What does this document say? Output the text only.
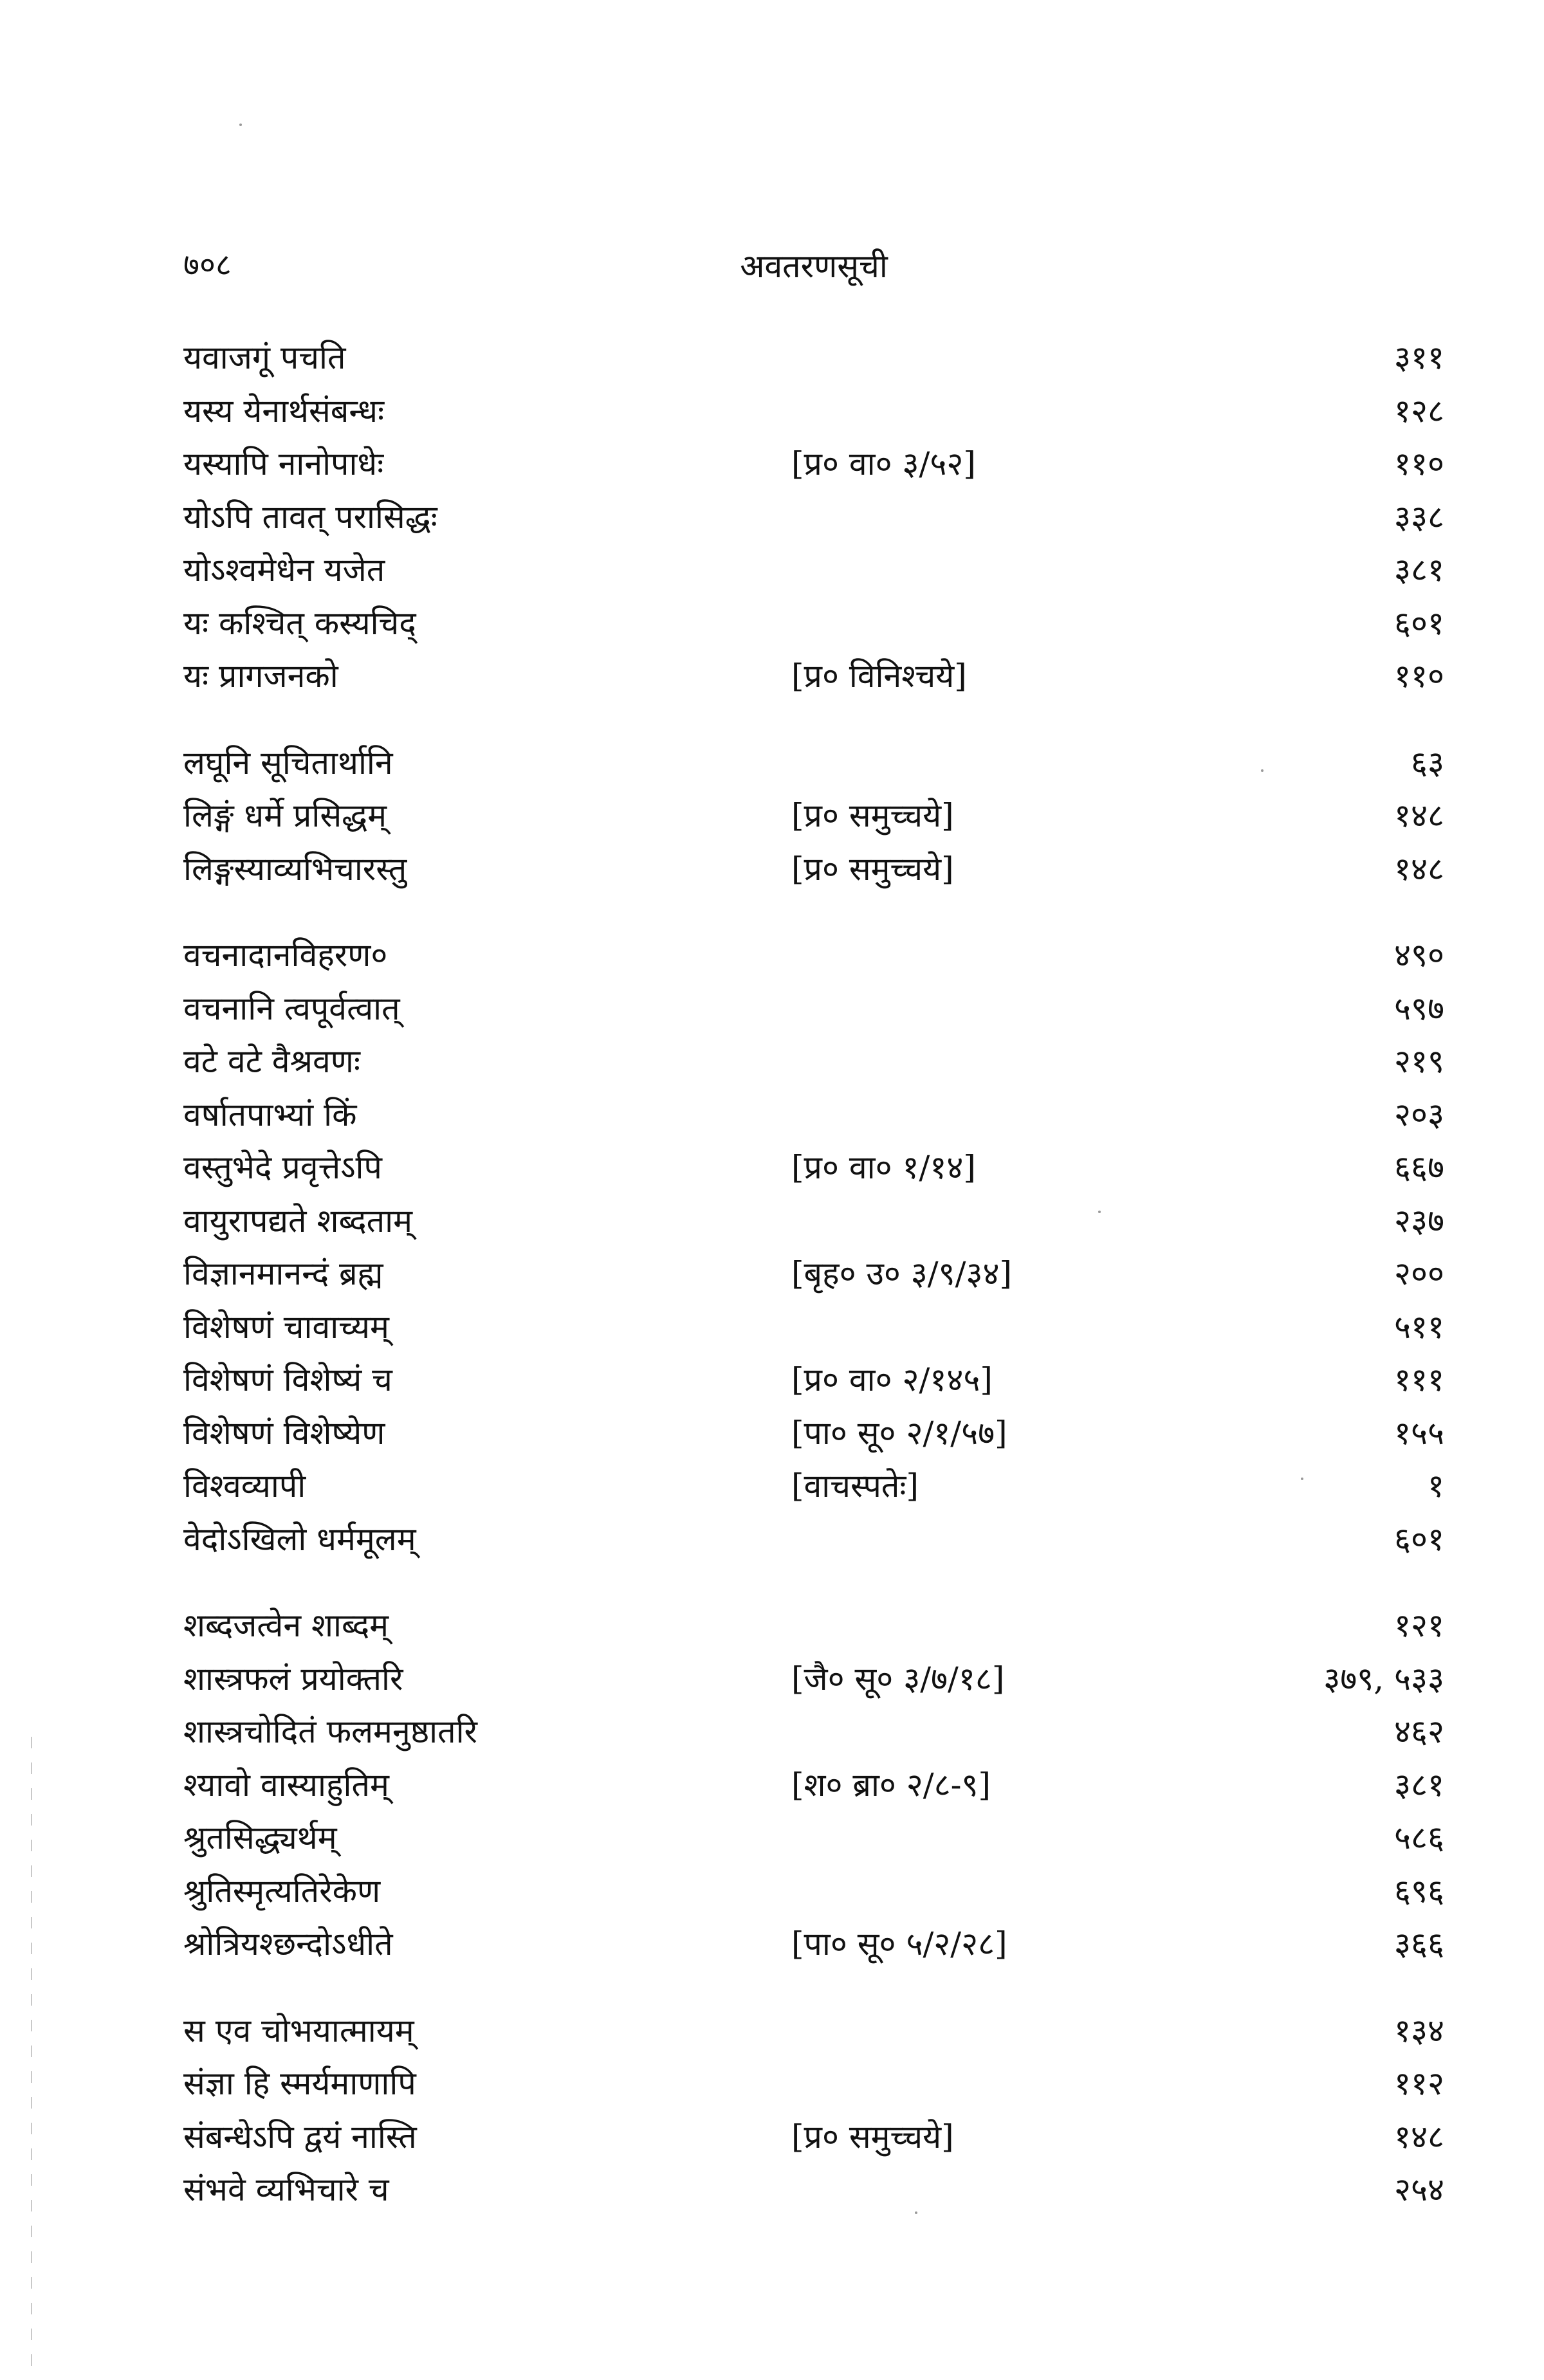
७०८	अवतरणसूची
यवाजगूं पचति	३११
यस्य येनार्थसंबन्धः	१२८
यस्यापि नानोपाधेः	[प्र० वा० ३/५२]	११०
योऽपि तावत् परासिद्धः	३३८
योऽश्वमेधेन यजेत	३८१
यः कश्चित् कस्यचिद्	६०१
यः प्रागजनको	[प्र० विनिश्चये]	११०
लघूनि सूचितार्थानि	६३
लिङ्गं धर्मे प्रसिद्धम्	[प्र० समुच्चये]	१४८
लिङ्गस्याव्यभिचारस्तु	[प्र० समुच्चये]	१४८
वचनादानविहरण०	४९०
वचनानि त्वपूर्वत्वात्	५९७
वटे वटे वैश्रवणः	२१९
वर्षातपाभ्यां किं	२०३
वस्तुभेदे प्रवृत्तेऽपि	[प्र० वा० १/१४]	६६७
वायुरापद्यते शब्दताम्	२३७
विज्ञानमानन्दं ब्रह्म	[बृह० उ० ३/९/३४]	२००
विशेषणं चावाच्यम्	५११
विशेषणं विशेष्यं च	[प्र० वा० २/१४५]	१११
विशेषणं विशेष्येण	[पा० सू० २/१/५७]	१५५
विश्वव्यापी	[वाचस्पतेः]	१
वेदोऽखिलो धर्ममूलम्	६०१
शब्दजत्वेन शाब्दम्	१२१
शास्त्रफलं प्रयोक्तरि	[जै० सू० ३/७/१८]	३७९, ५३३
शास्त्रचोदितं फलमनुष्ठातरि	४६२
श्यावो वास्याहुतिम्	[श० ब्रा० २/८-९]	३८१
श्रुतसिद्ध्यर्थम्	५८६
श्रुतिस्मृत्यतिरेकेण	६९६
श्रोत्रियश्छन्दोऽधीते	[पा० सू० ५/२/२८]	३६६
स एव चोभयात्मायम्	१३४
संज्ञा हि स्मर्यमाणापि	११२
संबन्धेऽपि द्वयं नास्ति	[प्र० समुच्चये]	१४८
संभवे व्यभिचारे च	२५४
